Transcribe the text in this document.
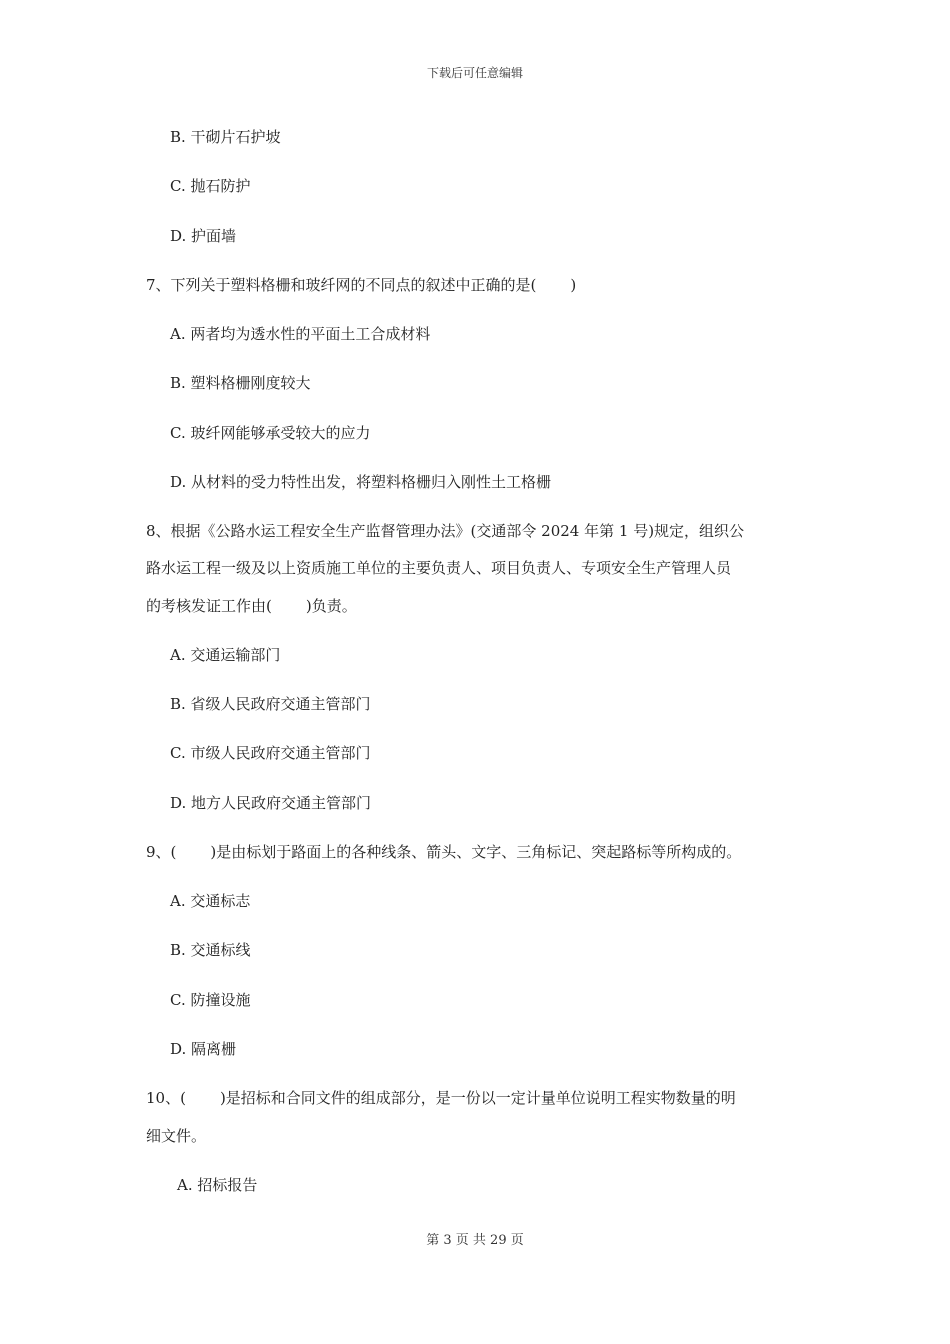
下载后可任意编辑
B. 干砌片石护坡
C. 抛石防护
D. 护面墙
7、下列关于塑料格栅和玻纤网的不同点的叙述中正确的是( )
A. 两者均为透水性的平面土工合成材料
B. 塑料格栅刚度较大
C. 玻纤网能够承受较大的应力
D. 从材料的受力特性出发，将塑料格栅归入刚性土工格栅
8、根据《公路水运工程安全生产监督管理办法》(交通部令 2024 年第 1 号)规定，组织公
路水运工程一级及以上资质施工单位的主要负责人、项目负责人、专项安全生产管理人员
的考核发证工作由( )负责。
A. 交通运输部门
B. 省级人民政府交通主管部门
C. 市级人民政府交通主管部门
D. 地方人民政府交通主管部门
9、( )是由标划于路面上的各种线条、箭头、文字、三角标记、突起路标等所构成的。
A. 交通标志
B. 交通标线
C. 防撞设施
D. 隔离栅
10、( )是招标和合同文件的组成部分，是一份以一定计量单位说明工程实物数量的明
细文件。
A. 招标报告
第 3 页 共 29 页
